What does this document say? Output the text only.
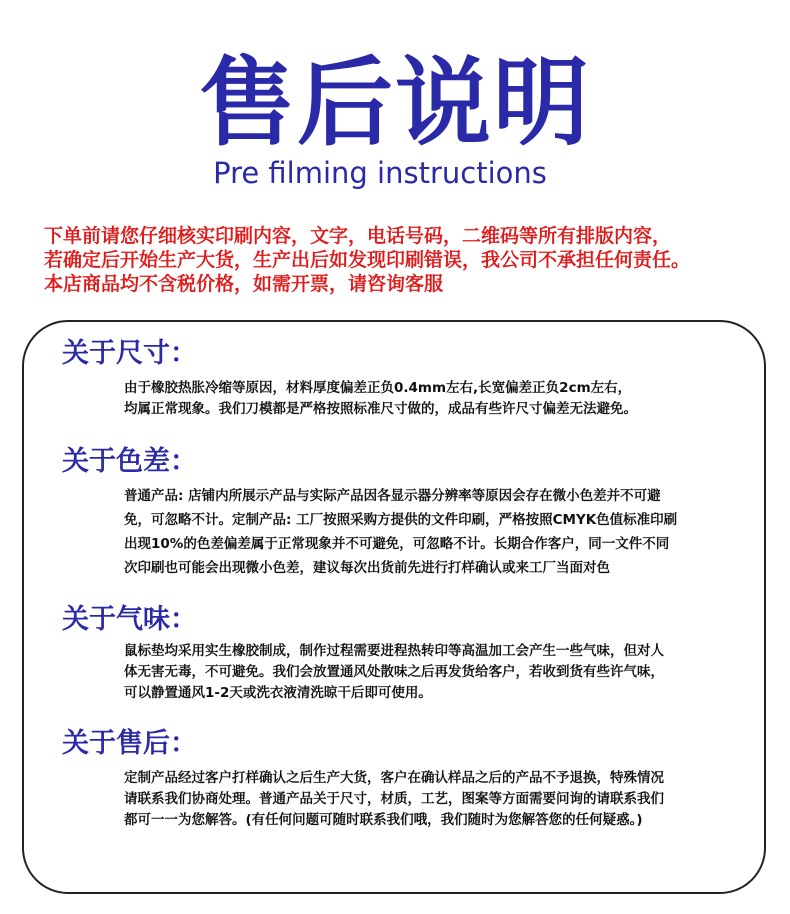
售后说明
Pre filming instructions
下单前请您仔细核实印刷内容，文字，电话号码，二维码等所有排版内容，
若确定后开始生产大货，生产出后如发现印刷错误，我公司不承担任何责任。
本店商品均不含税价格，如需开票，请咨询客服
关于尺寸：
由于橡胶热胀冷缩等原因，材料厚度偏差正负0.4mm左右,长宽偏差正负2cm左右，
均属正常现象。我们刀模都是严格按照标准尺寸做的，成品有些许尺寸偏差无法避免。
关于色差：
普通产品: 店铺内所展示产品与实际产品因各显示器分辨率等原因会存在微小色差并不可避
免，可忽略不计。定制产品: 工厂按照采购方提供的文件印刷，严格按照CMYK色值标准印刷
出现10%的色差偏差属于正常现象并不可避免，可忽略不计。长期合作客户，同一文件不同
次印刷也可能会出现微小色差，建议每次出货前先进行打样确认或来工厂当面对色
关于气味：
鼠标垫均采用实生橡胶制成，制作过程需要进程热转印等高温加工会产生一些气味，但对人
体无害无毒，不可避免。我们会放置通风处散味之后再发货给客户，若收到货有些许气味，
可以静置通风1-2天或洗衣液清洗晾干后即可使用。
关于售后：
定制产品经过客户打样确认之后生产大货，客户在确认样品之后的产品不予退换，特殊情况
请联系我们协商处理。普通产品关于尺寸，材质，工艺，图案等方面需要问询的请联系我们
都可一一为您解答。(有任何问题可随时联系我们哦，我们随时为您解答您的任何疑惑。)
